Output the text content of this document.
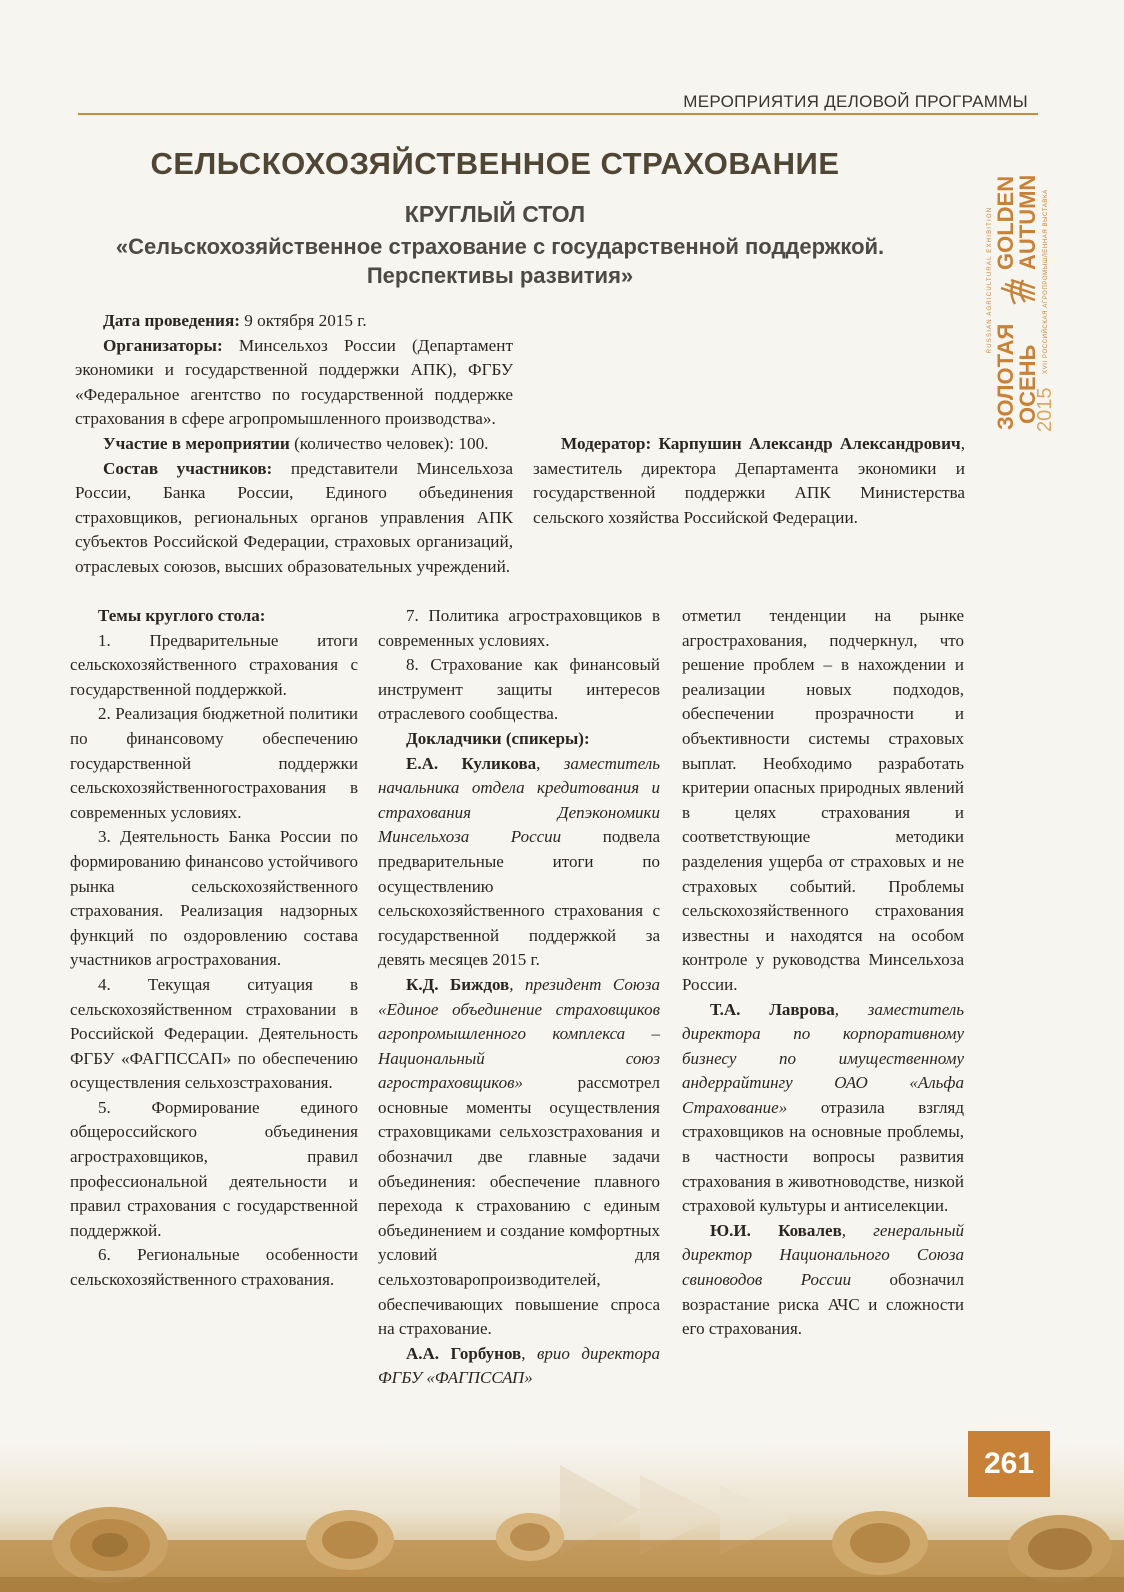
МЕРОПРИЯТИЯ ДЕЛОВОЙ ПРОГРАММЫ
RUSSIAN AGRICULTURAL EXHIBITION
ЗОЛОТАЯ
ОСЕНЬ
GOLDEN
AUTUMN
2015
XVII РОССИЙСКАЯ АГРОПРОМЫШЛЕННАЯ ВЫСТАВКА
СЕЛЬСКОХОЗЯЙСТВЕННОЕ СТРАХОВАНИЕ
КРУГЛЫЙ СТОЛ
«Сельскохозяйственное страхование с государственной поддержкой.
Перспективы развития»

Дата проведения: 9 октября 2015 г.

Организаторы: Минсельхоз России (Департамент экономики и государственной поддержки АПК), ФГБУ «Федеральное агентство по государственной поддержке страхования в сфере агропромышленного производства».

Участие в мероприятии (количество человек): 100.

Состав участников: представители Минсельхоза России, Банка России, Единого объединения страховщиков, региональных органов управления АПК субъектов Российской Федерации, страховых организаций, отраслевых союзов, высших образовательных учреждений.

Модератор: Карпушин Александр Александрович, заместитель директора Департамента экономики и государственной поддержки АПК Министерства сельского хозяйства Российской Федерации.

Темы круглого стола:

1. Предварительные итоги сельскохозяйственного страхования с государственной поддержкой.

2. Реализация бюджетной политики по финансовому обеспечению государственной поддержки сельскохозяйственногострахования в современных условиях.

3. Деятельность Банка России по формированию финансово устойчивого рынка сельскохозяйственного страхования. Реализация надзорных функций по оздоровлению состава участников агрострахования.

4. Текущая ситуация в сельскохозяйственном страховании в Российской Федерации. Деятельность ФГБУ «ФАГПССАП» по обеспечению осуществления сельхозстрахования.

5. Формирование единого общероссийского объединения агростраховщиков, правил профессиональной деятельности и правил страхования с государственной поддержкой.

6. Региональные особенности сельскохозяйственного страхования.

7. Политика агростраховщиков в современных условиях.

8. Страхование как финансовый инструмент защиты интересов отраслевого сообщества.

Докладчики (спикеры):

Е.А. Куликова, заместитель начальника отдела кредитования и страхования Депэкономики Минсельхоза России подвела предварительные итоги по осуществлению сельскохозяйственного страхования с государственной поддержкой за девять месяцев 2015 г.

К.Д. Биждов, президент Союза «Единое объединение страховщиков агропромышленного комплекса – Национальный союз агростраховщиков» рассмотрел основные моменты осуществления страховщиками сельхозстрахования и обозначил две главные задачи объединения: обеспечение плавного перехода к страхованию с единым объединением и создание комфортных условий для сельхозтоваропроизводителей, обеспечивающих повышение спроса на страхование.

А.А. Горбунов, врио директора ФГБУ «ФАГПССАП»

отметил тенденции на рынке агрострахования, подчеркнул, что решение проблем – в нахождении и реализации новых подходов, обеспечении прозрачности и объективности системы страховых выплат. Необходимо разработать критерии опасных природных явлений в целях страхования и соответствующие методики разделения ущерба от страховых и не страховых событий. Проблемы сельскохозяйственного страхования известны и находятся на особом контроле у руководства Минсельхоза России.

Т.А. Лаврова, заместитель директора по корпоративному бизнесу по имущественному андеррайтингу ОАО «Альфа Страхование» отразила взгляд страховщиков на основные проблемы, в частности вопросы развития страхования в животноводстве, низкой страховой культуры и антиселекции.

Ю.И. Ковалев, генеральный директор Национального Союза свиноводов России обозначил возрастание риска АЧС и сложности его страхования.

261
